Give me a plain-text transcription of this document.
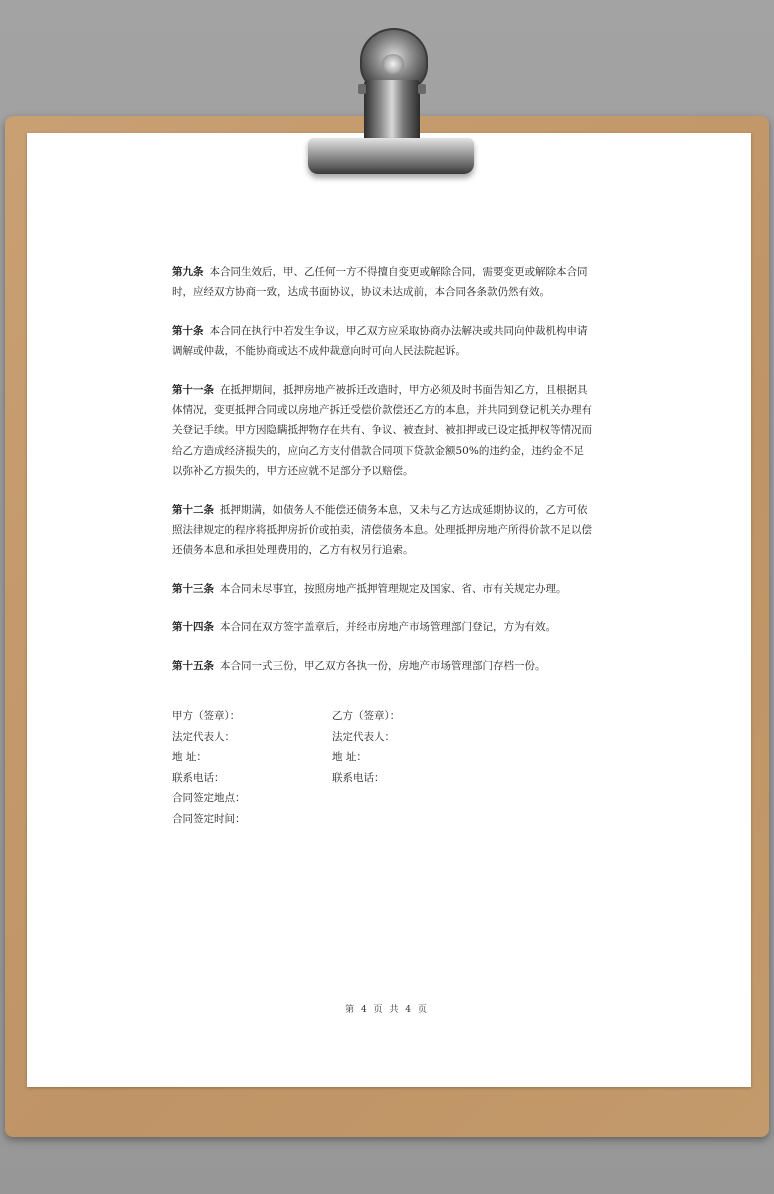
第九条 本合同生效后，甲、乙任何一方不得擅自变更或解除合同，需要变更或解除本合同时，应经双方协商一致，达成书面协议，协议未达成前，本合同各条款仍然有效。

第十条 本合同在执行中若发生争议，甲乙双方应采取协商办法解决或共同向仲裁机构申请调解或仲裁，不能协商或达不成仲裁意向时可向人民法院起诉。

第十一条 在抵押期间，抵押房地产被拆迁改造时，甲方必须及时书面告知乙方，且根据具体情况，变更抵押合同或以房地产拆迁受偿价款偿还乙方的本息，并共同到登记机关办理有关登记手续。甲方因隐瞒抵押物存在共有、争议、被查封、被扣押或已设定抵押权等情况而给乙方造成经济损失的，应向乙方支付借款合同项下贷款金额50%的违约金，违约金不足以弥补乙方损失的，甲方还应就不足部分予以赔偿。

第十二条 抵押期满，如债务人不能偿还债务本息，又未与乙方达成延期协议的，乙方可依照法律规定的程序将抵押房折价或拍卖，清偿债务本息。处理抵押房地产所得价款不足以偿还债务本息和承担处理费用的，乙方有权另行追索。

第十三条 本合同未尽事宜，按照房地产抵押管理规定及国家、省、市有关规定办理。

第十四条 本合同在双方签字盖章后，并经市房地产市场管理部门登记，方为有效。

第十五条 本合同一式三份，甲乙双方各执一份，房地产市场管理部门存档一份。

甲方（签章）：	乙方（签章）：
法定代表人：	法定代表人：
地 址：	地 址：
联系电话：	联系电话：
合同签定地点：
合同签定时间：
第 4 页 共 4 页
